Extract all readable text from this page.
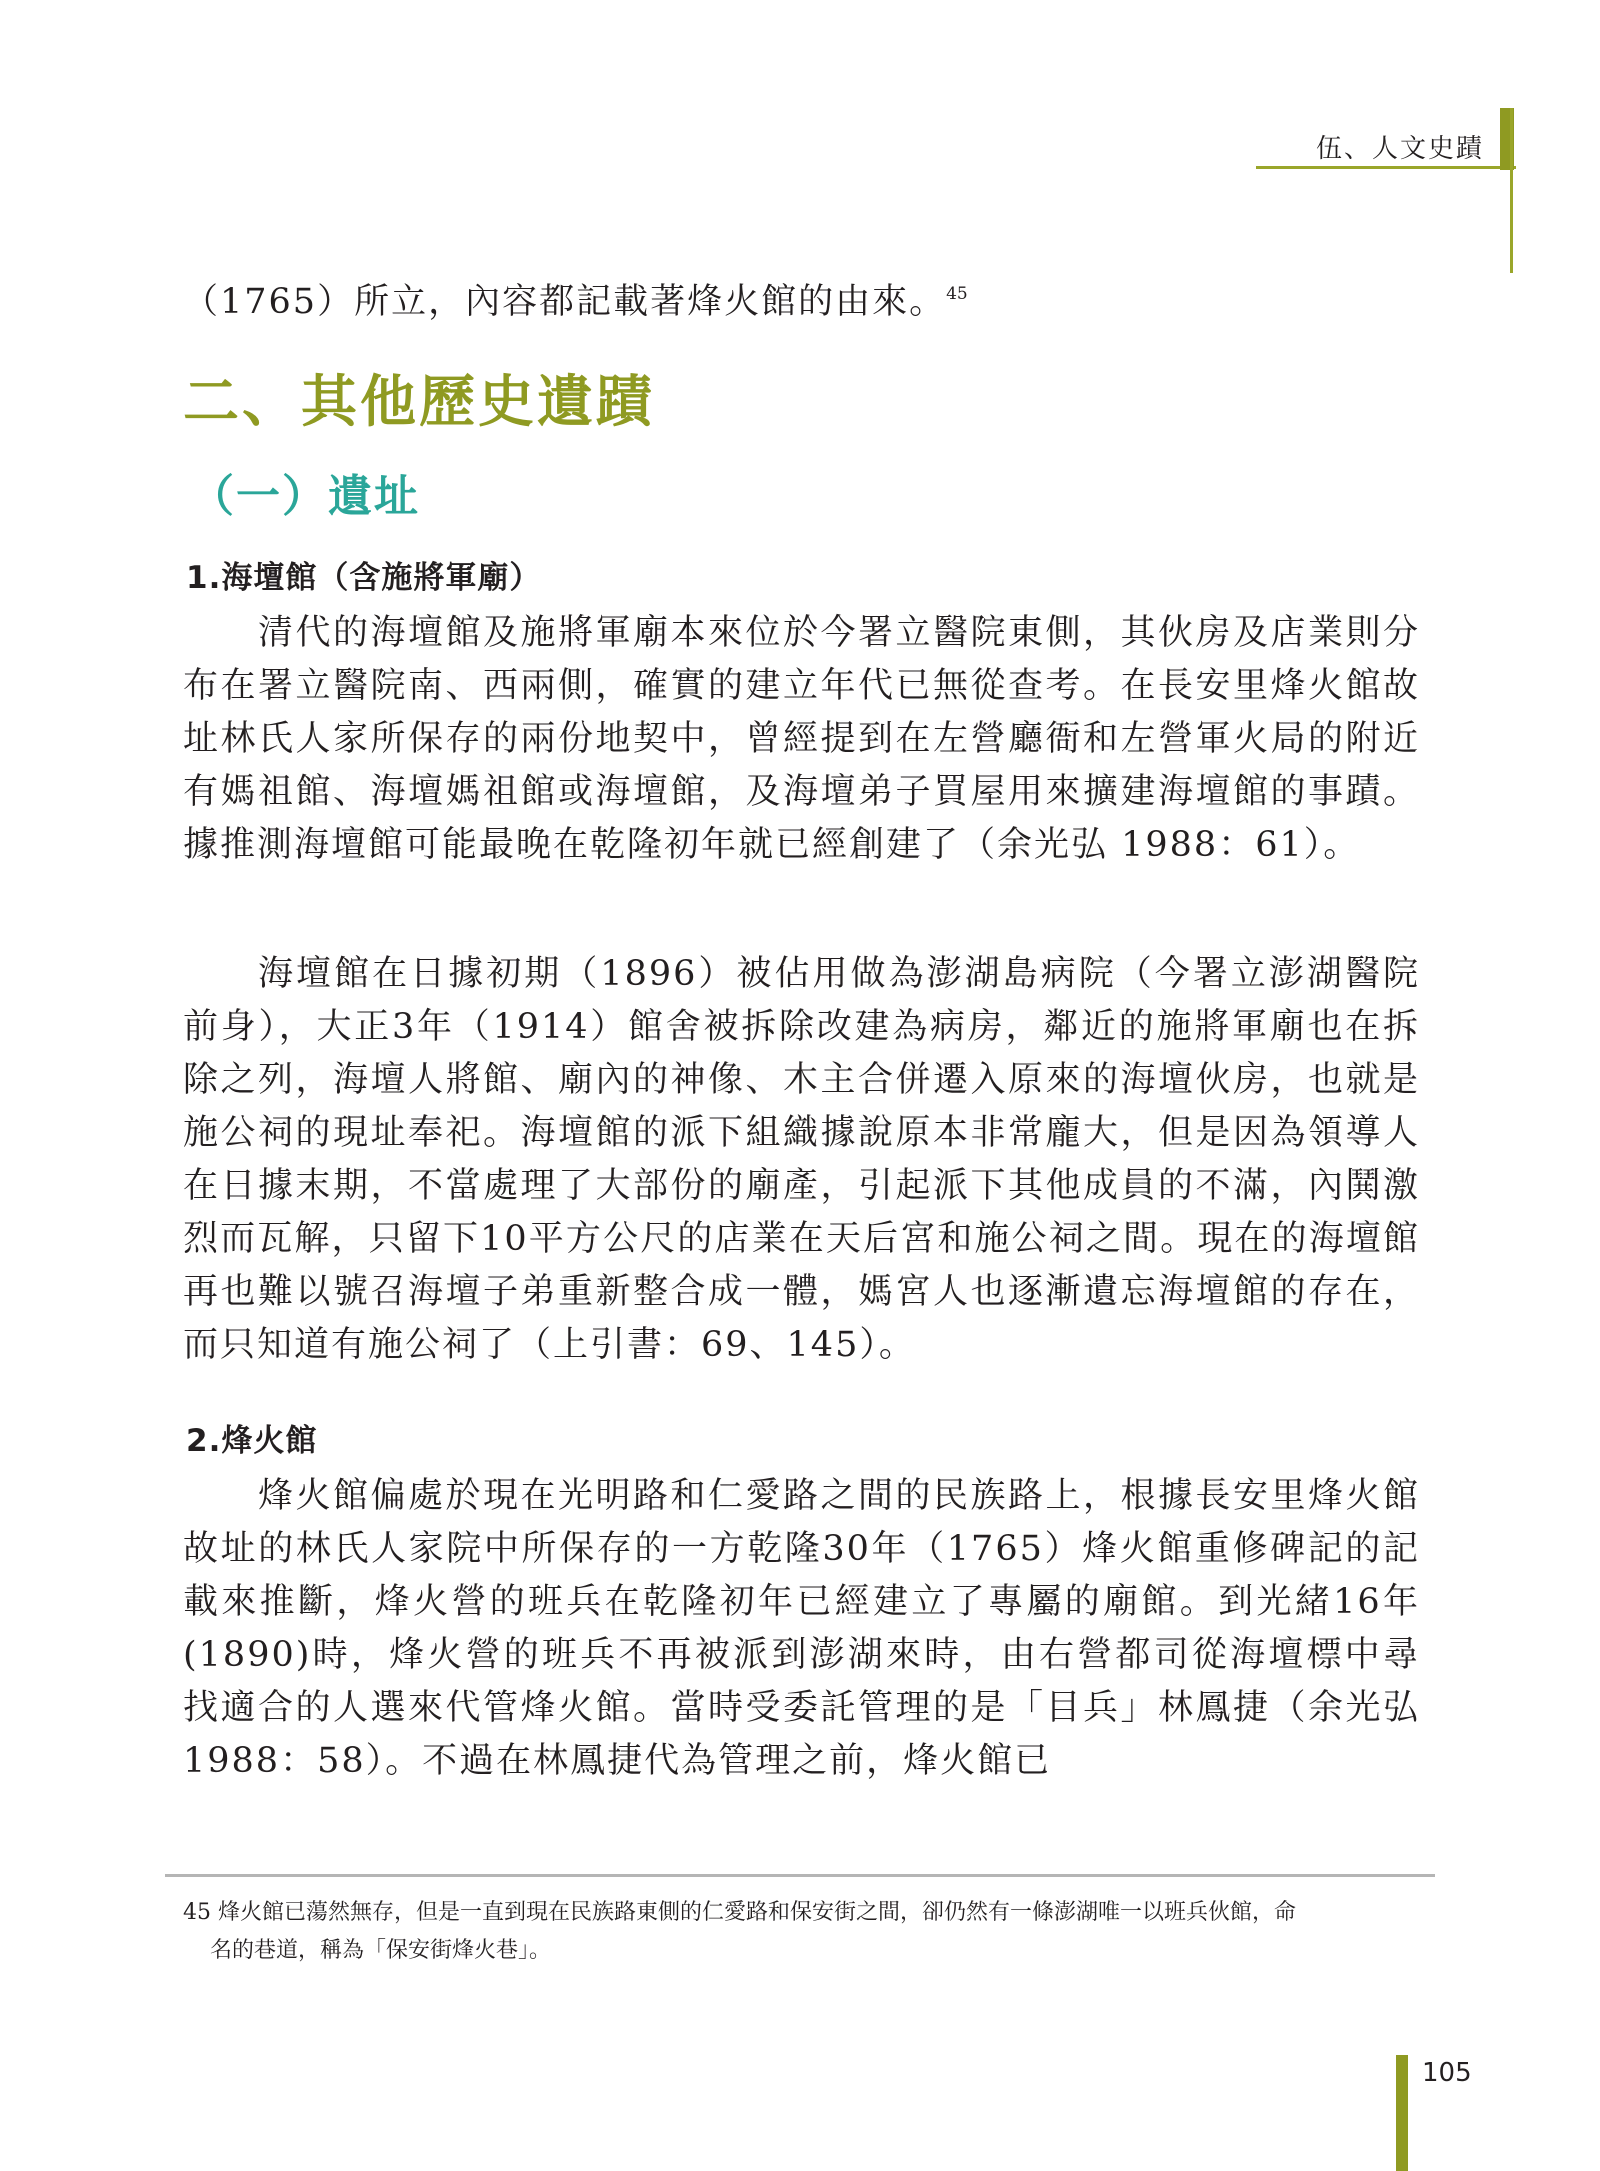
伍、人文史蹟

（1765）所立，內容都記載著烽火館的由來。$^{45}$

二、其他歷史遺蹟
（一）遺址
1.海壇館（含施將軍廟）

清代的海壇館及施將軍廟本來位於今署立醫院東側，其伙房及店業則分布在署立醫院南、西兩側，確實的建立年代已無從查考。在長安里烽火館故址林氏人家所保存的兩份地契中，曾經提到在左營廳衙和左營軍火局的附近有媽祖館、海壇媽祖館或海壇館，及海壇弟子買屋用來擴建海壇館的事蹟。據推測海壇館可能最晚在乾隆初年就已經創建了（余光弘 1988：61）。

海壇館在日據初期（1896）被佔用做為澎湖島病院（今署立澎湖醫院前身），大正3年（1914）館舍被拆除改建為病房，鄰近的施將軍廟也在拆除之列，海壇人將館、廟內的神像、木主合併遷入原來的海壇伙房，也就是施公祠的現址奉祀。海壇館的派下組織據說原本非常龐大，但是因為領導人在日據末期，不當處理了大部份的廟產，引起派下其他成員的不滿，內鬨激烈而瓦解，只留下10平方公尺的店業在天后宮和施公祠之間。現在的海壇館再也難以號召海壇子弟重新整合成一體，媽宮人也逐漸遺忘海壇館的存在，而只知道有施公祠了（上引書：69、145）。

2.烽火館

烽火館偏處於現在光明路和仁愛路之間的民族路上，根據長安里烽火館故址的林氏人家院中所保存的一方乾隆30年（1765）烽火館重修碑記的記載來推斷，烽火營的班兵在乾隆初年已經建立了專屬的廟館。到光緒16年(1890)時，烽火營的班兵不再被派到澎湖來時，由右營都司從海壇標中尋找適合的人選來代管烽火館。當時受委託管理的是「目兵」林鳳捷（余光弘 1988：58）。不過在林鳳捷代為管理之前，烽火館已

45 烽火館已蕩然無存，但是一直到現在民族路東側的仁愛路和保安街之間，卻仍然有一條澎湖唯一以班兵伙館，命
名的巷道，稱為「保安街烽火巷」。

105
